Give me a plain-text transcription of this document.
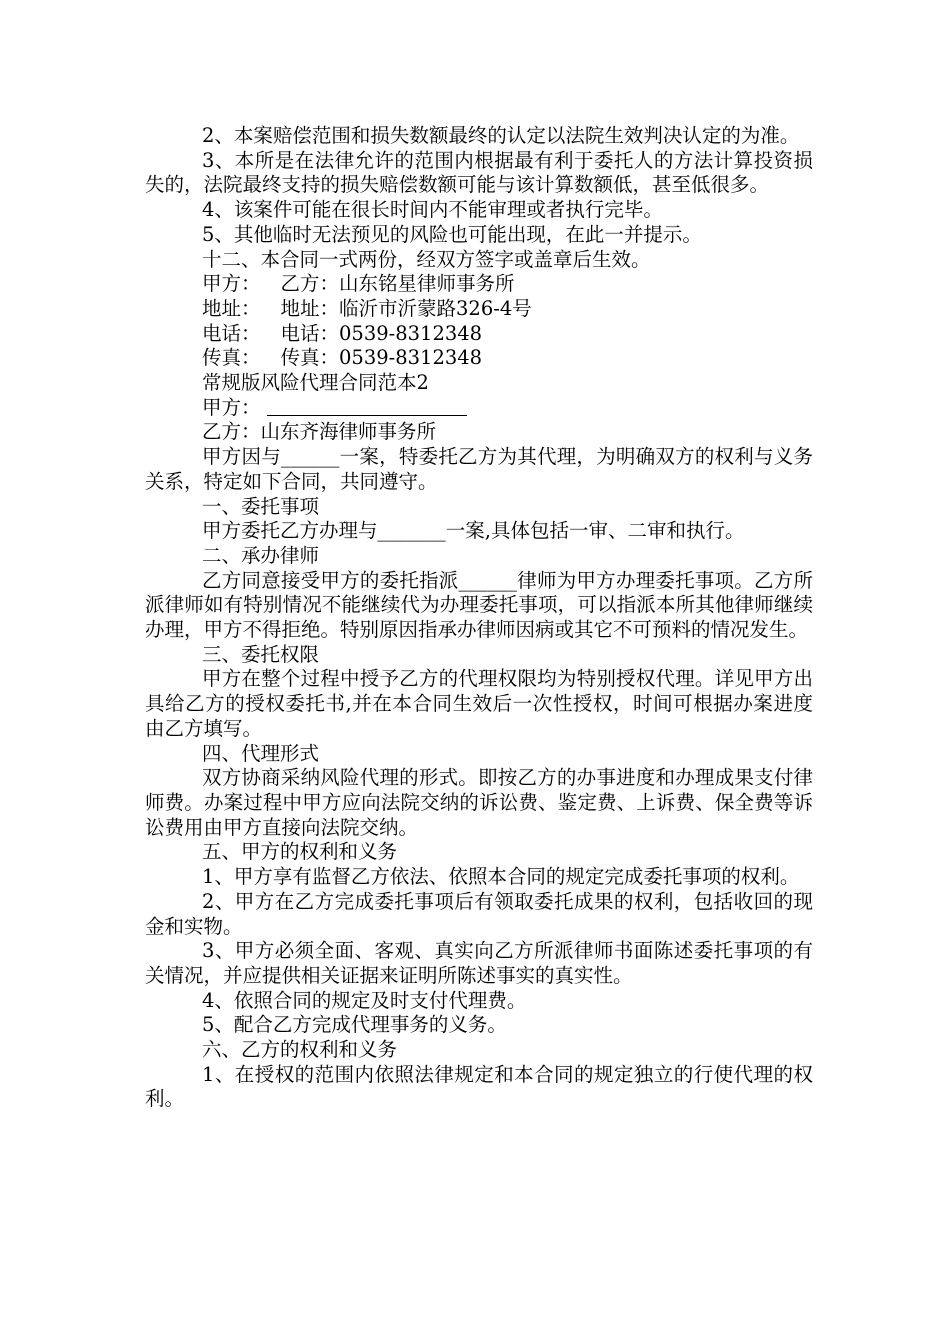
2、本案赔偿范围和损失数额最终的认定以法院生效判决认定的为准。

3、本所是在法律允许的范围内根据最有利于委托人的方法计算投资损失的，法院最终支持的损失赔偿数额可能与该计算数额低，甚至低很多。

4、该案件可能在很长时间内不能审理或者执行完毕。

5、其他临时无法预见的风险也可能出现，在此一并提示。

十二、本合同一式两份，经双方签字或盖章后生效。

甲方： 乙方：山东铭星律师事务所
地址： 地址：临沂市沂蒙路326-4号
电话： 电话：0539-8312348
传真： 传真：0539-8312348
常规版风险代理合同范本2
甲方：
乙方：山东齐海律师事务所

甲方因与______一案，特委托乙方为其代理，为明确双方的权利与义务关系，特定如下合同，共同遵守。

一、委托事项

甲方委托乙方办理与_______一案,具体包括一审、二审和执行。

二、承办律师

乙方同意接受甲方的委托指派______律师为甲方办理委托事项。乙方所派律师如有特别情况不能继续代为办理委托事项，可以指派本所其他律师继续办理，甲方不得拒绝。特别原因指承办律师因病或其它不可预料的情况发生。

三、委托权限

甲方在整个过程中授予乙方的代理权限均为特别授权代理。详见甲方出具给乙方的授权委托书,并在本合同生效后一次性授权，时间可根据办案进度由乙方填写。

四、代理形式

双方协商采纳风险代理的形式。即按乙方的办事进度和办理成果支付律师费。办案过程中甲方应向法院交纳的诉讼费、鉴定费、上诉费、保全费等诉讼费用由甲方直接向法院交纳。

五、甲方的权利和义务

1、甲方享有监督乙方依法、依照本合同的规定完成委托事项的权利。

2、甲方在乙方完成委托事项后有领取委托成果的权利，包括收回的现金和实物。

3、甲方必须全面、客观、真实向乙方所派律师书面陈述委托事项的有关情况，并应提供相关证据来证明所陈述事实的真实性。

4、依照合同的规定及时支付代理费。

5、配合乙方完成代理事务的义务。

六、乙方的权利和义务

1、在授权的范围内依照法律规定和本合同的规定独立的行使代理的权利。
